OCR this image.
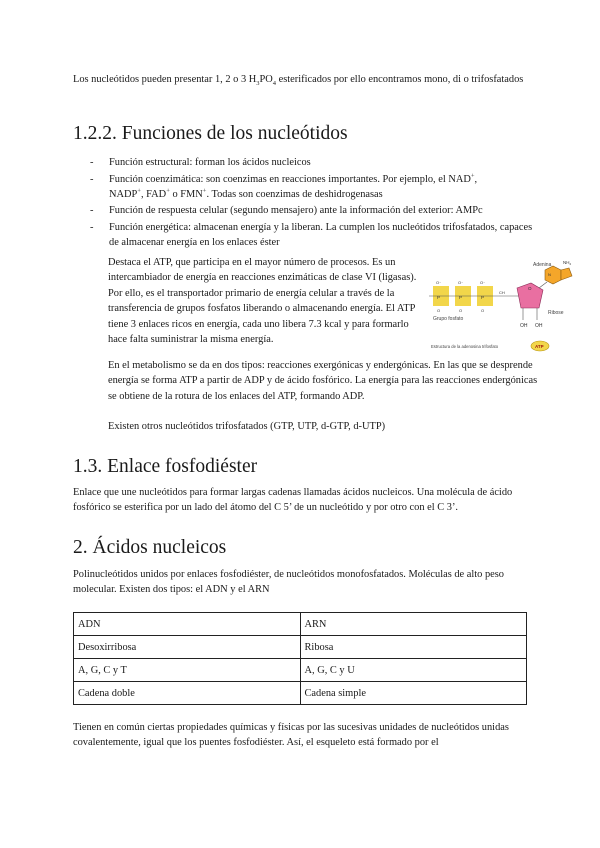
Los nucleótidos pueden presentar 1, 2 o 3 $H_3PO_4$ esterificados por ello encontramos mono, di o trifosfatados

1.2.2. Funciones de los nucleótidos
- Función estructural: forman los ácidos nucleicos
- Función coenzimática: son coenzimas en reacciones importantes. Por ejemplo, el NAD+,
NADP+, FAD+ o FMN+. Todas son coenzimas de deshidrogenasas
- Función de respuesta celular (segundo mensajero) ante la información del exterior: AMPc
- Función energética: almacenan energía y la liberan. La cumplen los nucleótidos trifosfatados, capaces de almacenar energía en los enlaces éster

Destaca el ATP, que participa en el mayor número de procesos. Es un intercambiador de energía en reacciones enzimáticas de clase VI (ligasas). Por ello, es el transportador primario de energía celular a través de la transferencia de grupos fosfatos liberando o almacenando energía. El ATP tiene 3 enlaces ricos en energía, cada uno libera 7.3 kcal y para formarlo hace falta suministrar la misma energía.

P	P	P
O⁻	O⁻	O⁻
O	O	O
CH
Grupo fosfato
O
Ribose
OH OH
N
Adenina	$NH_2$
Estructura de la adenosina trifosfato	ATP

En el metabolismo se da en dos tipos: reacciones exergónicas y endergónicas. En las que se desprende energía se forma ATP a partir de ADP y de ácido fosfórico. La energía para las reacciones endergónicas se obtiene de la rotura de los enlaces del ATP, formando ADP.

Existen otros nucleótidos trifosfatados (GTP, UTP, d-GTP, d-UTP)

1.3. Enlace fosfodiéster

Enlace que une nucleótidos para formar largas cadenas llamadas ácidos nucleicos. Una molécula de ácido fosfórico se esterifica por un lado del átomo del C 5’ de un nucleótido y por otro con el C 3’.

2. Ácidos nucleicos

Polinucleótidos unidos por enlaces fosfodiéster, de nucleótidos monofosfatados. Moléculas de alto peso molecular. Existen dos tipos: el ADN y el ARN

ADN	ARN
Desoxirribosa	Ribosa
A, G, C y T	A, G, C y U
Cadena doble	Cadena simple

Tienen en común ciertas propiedades químicas y físicas por las sucesivas unidades de nucleótidos unidas covalentemente, igual que los puentes fosfodiéster. Así, el esqueleto está formado por el
